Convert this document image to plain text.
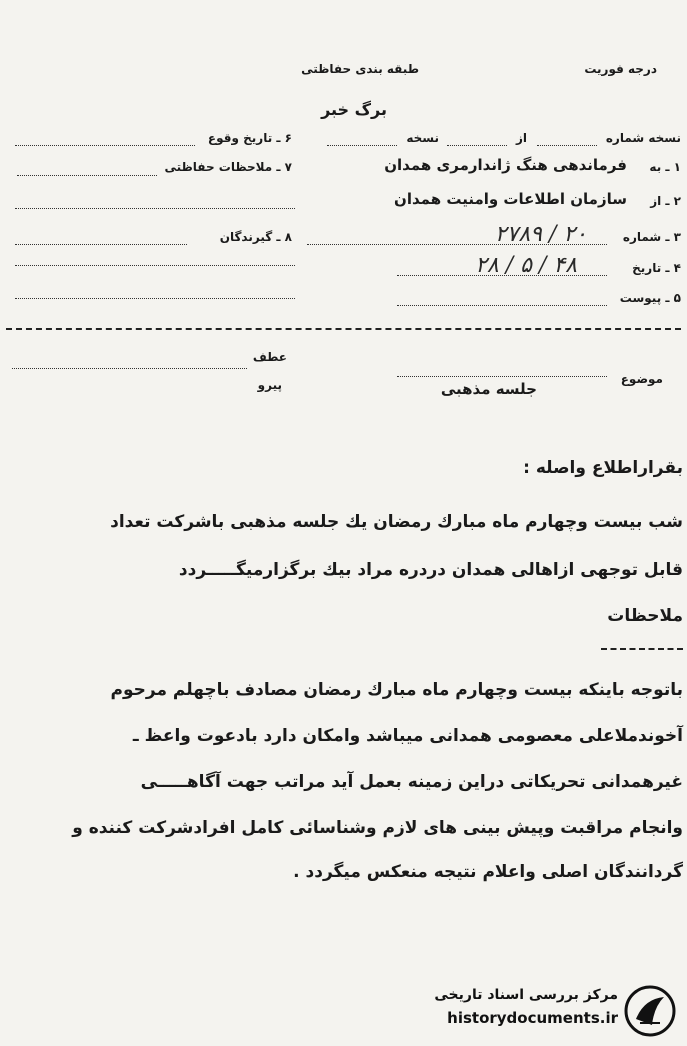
درجه فوریت
طبقه بندی حفاظتی
برگ خبر
نسخه شماره
از
نسخه
۶ ـ تاریخ وقوع
۱ ـ به
فرماندهی هنگ ژاندارمری همدان
۷ ـ ملاحظات حفاظتی
۲ ـ از
سازمان اطلاعات وامنیت همدان
۳ ـ شماره
۲۷۸۹ / ۲۰
۸ ـ گیرندگان
۴ ـ تاریخ
۲۸ / ۵ / ۴۸
۵ ـ پیوست
عطف
پیرو	موضوع
جلسه مذهبی
بقراراطلاع واصله :
شب بیست وچهارم ماه مبارك رمضان یك جلسه مذهبی باشرکت تعداد
قابل توجهی ازاهالی همدان دردره مراد بیك برگزارمیگـــــردد
ملاحظات
باتوجه باینکه بیست وچهارم ماه مبارك رمضان مصادف باچهلم مرحوم
آخوندملاعلی معصومی همدانی میباشد وامکان دارد بادعوت واعظ ـ
غیرهمدانی تحریکاتی دراین زمینه بعمل آید مراتب جهت آگاهـــــی
وانجام مراقبت وپیش بینی های لازم وشناسائی کامل افرادشرکت کننده و
گردانندگان اصلی واعلام نتیجه منعکس میگردد .
مرکز بررسی اسناد تاریخی
historydocuments.ir
